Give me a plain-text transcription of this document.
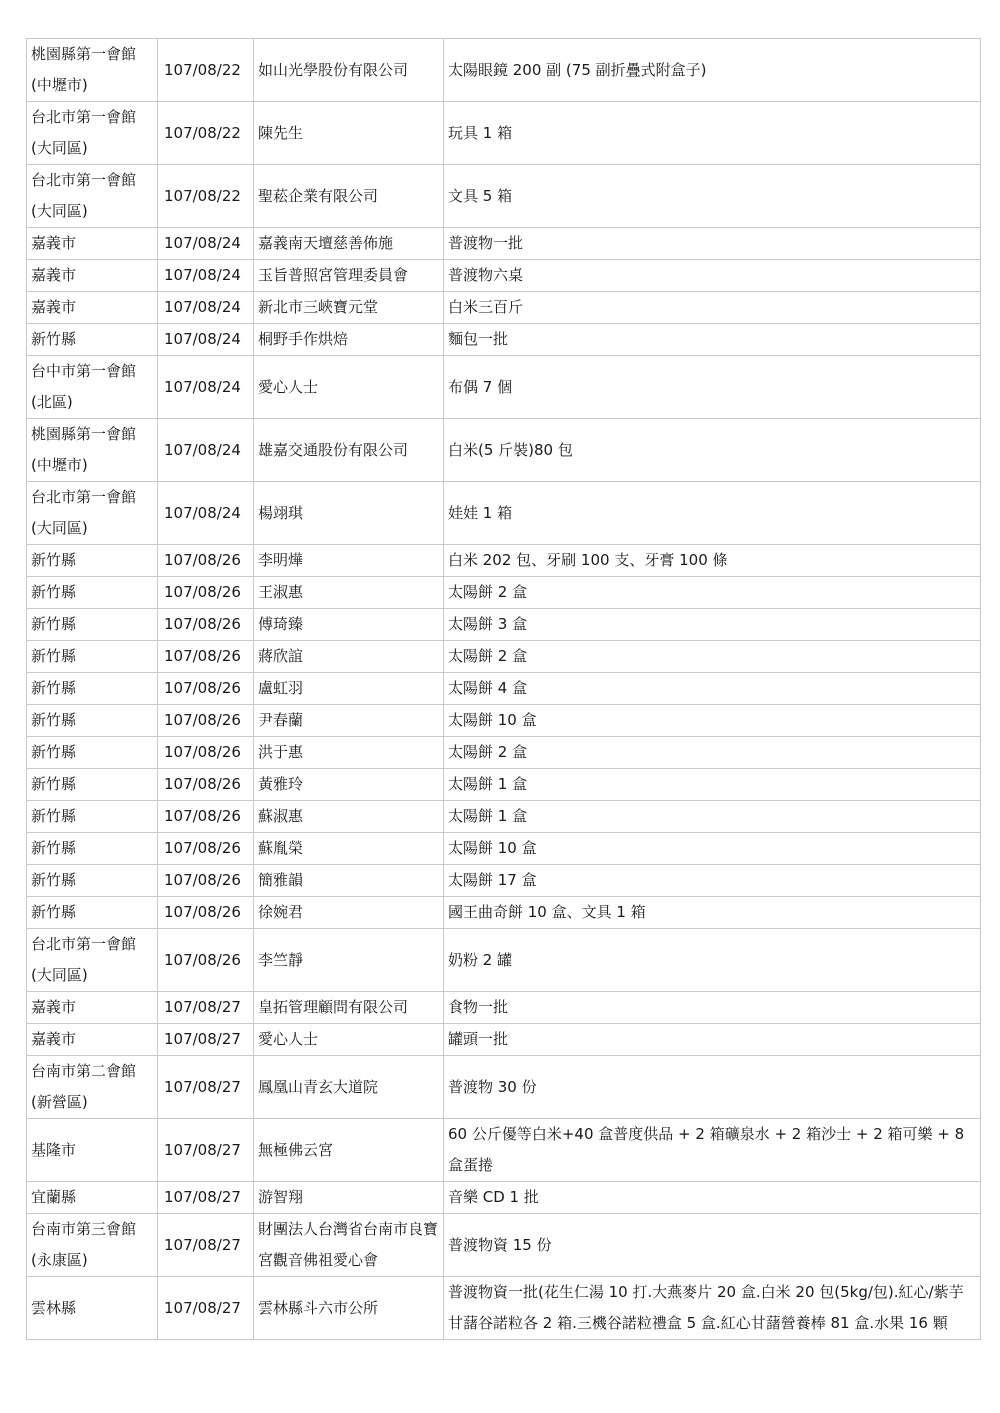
桃園縣第一會館(中壢市)	107/08/22	如山光學股份有限公司	太陽眼鏡 200 副 (75 副折疊式附盒子)
台北市第一會館(大同區)	107/08/22	陳先生	玩具 1 箱
台北市第一會館(大同區)	107/08/22	聖菘企業有限公司	文具 5 箱
嘉義市	107/08/24	嘉義南天壇慈善佈施	普渡物一批
嘉義市	107/08/24	玉旨普照宮管理委員會	普渡物六桌
嘉義市	107/08/24	新北市三峽寶元堂	白米三百斤
新竹縣	107/08/24	桐野手作烘焙	麵包一批
台中市第一會館(北區)	107/08/24	愛心人士	布偶 7 個
桃園縣第一會館(中壢市)	107/08/24	雄嘉交通股份有限公司	白米(5 斤裝)80 包
台北市第一會館(大同區)	107/08/24	楊翊琪	娃娃 1 箱
新竹縣	107/08/26	李明燁	白米 202 包、牙刷 100 支、牙膏 100 條
新竹縣	107/08/26	王淑惠	太陽餅 2 盒
新竹縣	107/08/26	傅琦臻	太陽餅 3 盒
新竹縣	107/08/26	蔣欣誼	太陽餅 2 盒
新竹縣	107/08/26	盧虹羽	太陽餅 4 盒
新竹縣	107/08/26	尹春蘭	太陽餅 10 盒
新竹縣	107/08/26	洪于惠	太陽餅 2 盒
新竹縣	107/08/26	黃雅玲	太陽餅 1 盒
新竹縣	107/08/26	蘇淑惠	太陽餅 1 盒
新竹縣	107/08/26	蘇胤榮	太陽餅 10 盒
新竹縣	107/08/26	簡雅韻	太陽餅 17 盒
新竹縣	107/08/26	徐婉君	國王曲奇餅 10 盒、文具 1 箱
台北市第一會館(大同區)	107/08/26	李竺靜	奶粉 2 罐
嘉義市	107/08/27	皇拓管理顧問有限公司	食物一批
嘉義市	107/08/27	愛心人士	罐頭一批
台南市第二會館(新營區)	107/08/27	鳳凰山青玄大道院	普渡物 30 份
基隆市	107/08/27	無極佛云宮	60 公斤優等白米+40 盒普度供品 + 2 箱礦泉水 + 2 箱沙士 + 2 箱可樂 + 8 盒蛋捲
宜蘭縣	107/08/27	游智翔	音樂 CD 1 批
台南市第三會館(永康區)	107/08/27	財團法人台灣省台南市良寶宮觀音佛祖愛心會	普渡物資 15 份
雲林縣	107/08/27	雲林縣斗六市公所	普渡物資一批(花生仁湯 10 打.大燕麥片 20 盒.白米 20 包(5kg/包).紅心/紫芋甘藷谷諾粒各 2 箱.三機谷諾粒禮盒 5 盒.紅心甘藷營養棒 81 盒.水果 16 顆
